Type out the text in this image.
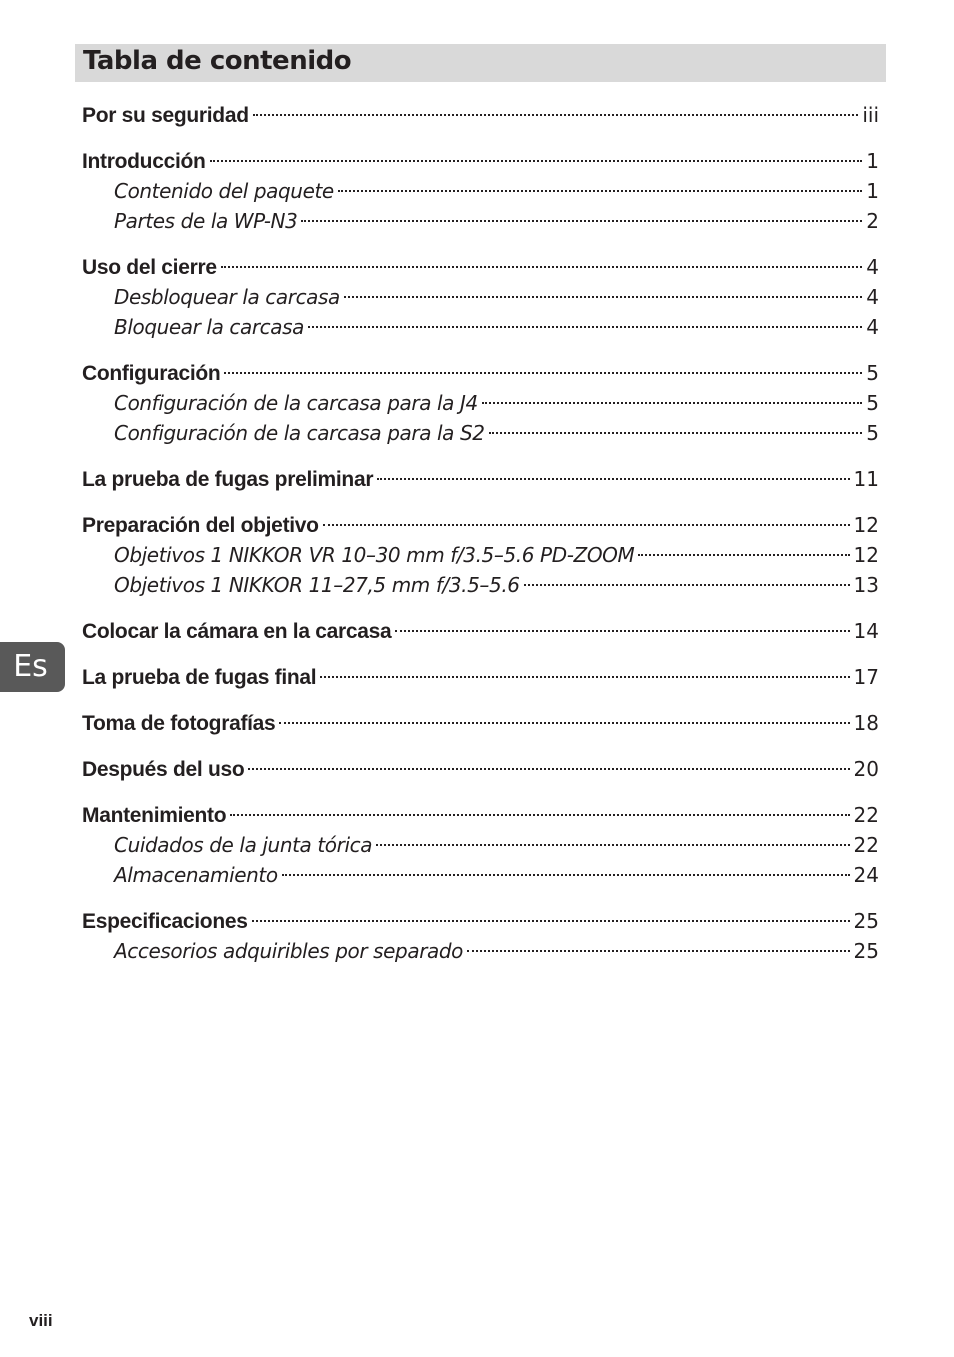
Tabla de contenido
Por su seguridad	iii
Introducción	1
Contenido del paquete	1
Partes de la WP-N3	2
Uso del cierre	4
Desbloquear la carcasa	4
Bloquear la carcasa	4
Configuración	5
Configuración de la carcasa para la J4	5
Configuración de la carcasa para la S2	5
La prueba de fugas preliminar	11
Preparación del objetivo	12
Objetivos 1 NIKKOR VR 10–30 mm f/3.5–5.6 PD-ZOOM	12
Objetivos 1 NIKKOR 11–27,5 mm f/3.5–5.6	13
Colocar la cámara en la carcasa	14
La prueba de fugas final	17
Toma de fotografías	18
Después del uso	20
Mantenimiento	22
Cuidados de la junta tórica	22
Almacenamiento	24
Especificaciones	25
Accesorios adquiribles por separado	25
Es
viii
